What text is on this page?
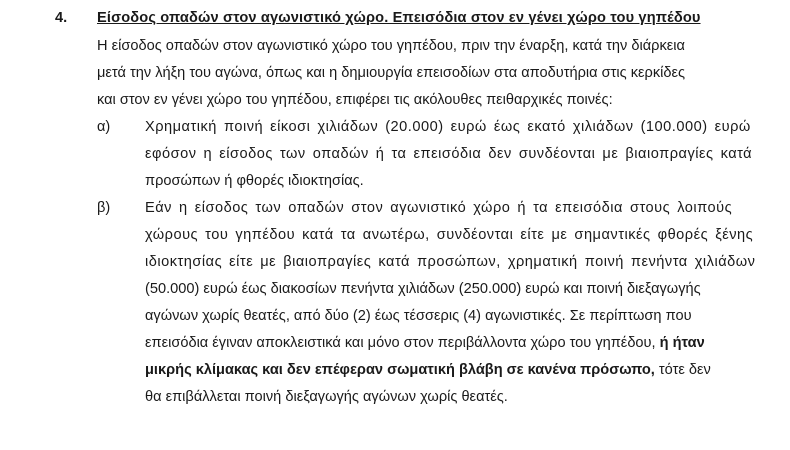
4. Είσοδος οπαδών στον αγωνιστικό χώρο. Επεισόδια στον εν γένει χώρο του γηπέδου
Η είσοδος οπαδών στον αγωνιστικό χώρο του γηπέδου, πριν την έναρξη, κατά την διάρκεια
μετά την λήξη του αγώνα, όπως και η δημιουργία επεισοδίων στα αποδυτήρια στις κερκίδες
και στον εν γένει χώρο του γηπέδου, επιφέρει τις ακόλουθες πειθαρχικές ποινές:
α) Χρηματική ποινή είκοσι χιλιάδων (20.000) ευρώ έως εκατό χιλιάδων (100.000) ευρώ
εφόσον η είσοδος των οπαδών ή τα επεισόδια δεν συνδέονται με βιαιοπραγίες κατά
προσώπων ή φθορές ιδιοκτησίας.
β) Εάν η είσοδος των οπαδών στον αγωνιστικό χώρο ή τα επεισόδια στους λοιπούς
χώρους του γηπέδου κατά τα ανωτέρω, συνδέονται είτε με σημαντικές φθορές ξένης
ιδιοκτησίας είτε με βιαιοπραγίες κατά προσώπων, χρηματική ποινή πενήντα χιλιάδων
(50.000) ευρώ έως διακοσίων πενήντα χιλιάδων (250.000) ευρώ και ποινή διεξαγωγής
αγώνων χωρίς θεατές, από δύο (2) έως τέσσερις (4) αγωνιστικές. Σε περίπτωση που
επεισόδια έγιναν αποκλειστικά και μόνο στον περιβάλλοντα χώρο του γηπέδου, ή ήταν
μικρής κλίμακας και δεν επέφεραν σωματική βλάβη σε κανένα πρόσωπο, τότε δεν
θα επιβάλλεται ποινή διεξαγωγής αγώνων χωρίς θεατές.
